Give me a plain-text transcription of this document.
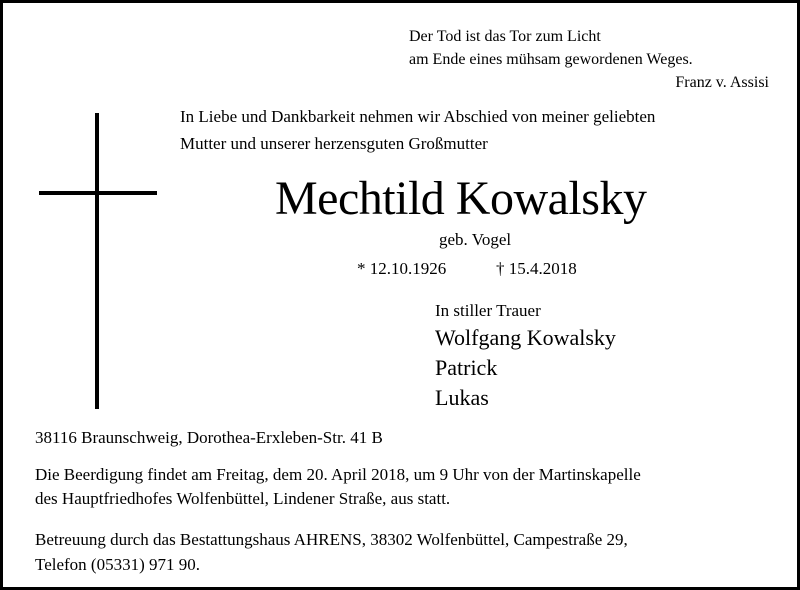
Der Tod ist das Tor zum Licht
am Ende eines mühsam gewordenen Weges.
Franz v. Assisi
In Liebe und Dankbarkeit nehmen wir Abschied von meiner geliebten
Mutter und unserer herzensguten Großmutter
Mechtild Kowalsky
geb. Vogel
* 12.10.1926	† 15.4.2018
In stiller Trauer
Wolfgang Kowalsky
Patrick
Lukas
38116 Braunschweig, Dorothea-Erxleben-Str. 41 B
Die Beerdigung findet am Freitag, dem 20. April 2018, um 9 Uhr von der Martinskapelle
des Hauptfriedhofes Wolfenbüttel, Lindener Straße, aus statt.
Betreuung durch das Bestattungshaus AHRENS, 38302 Wolfenbüttel, Campestraße 29,
Telefon (05331) 971 90.
